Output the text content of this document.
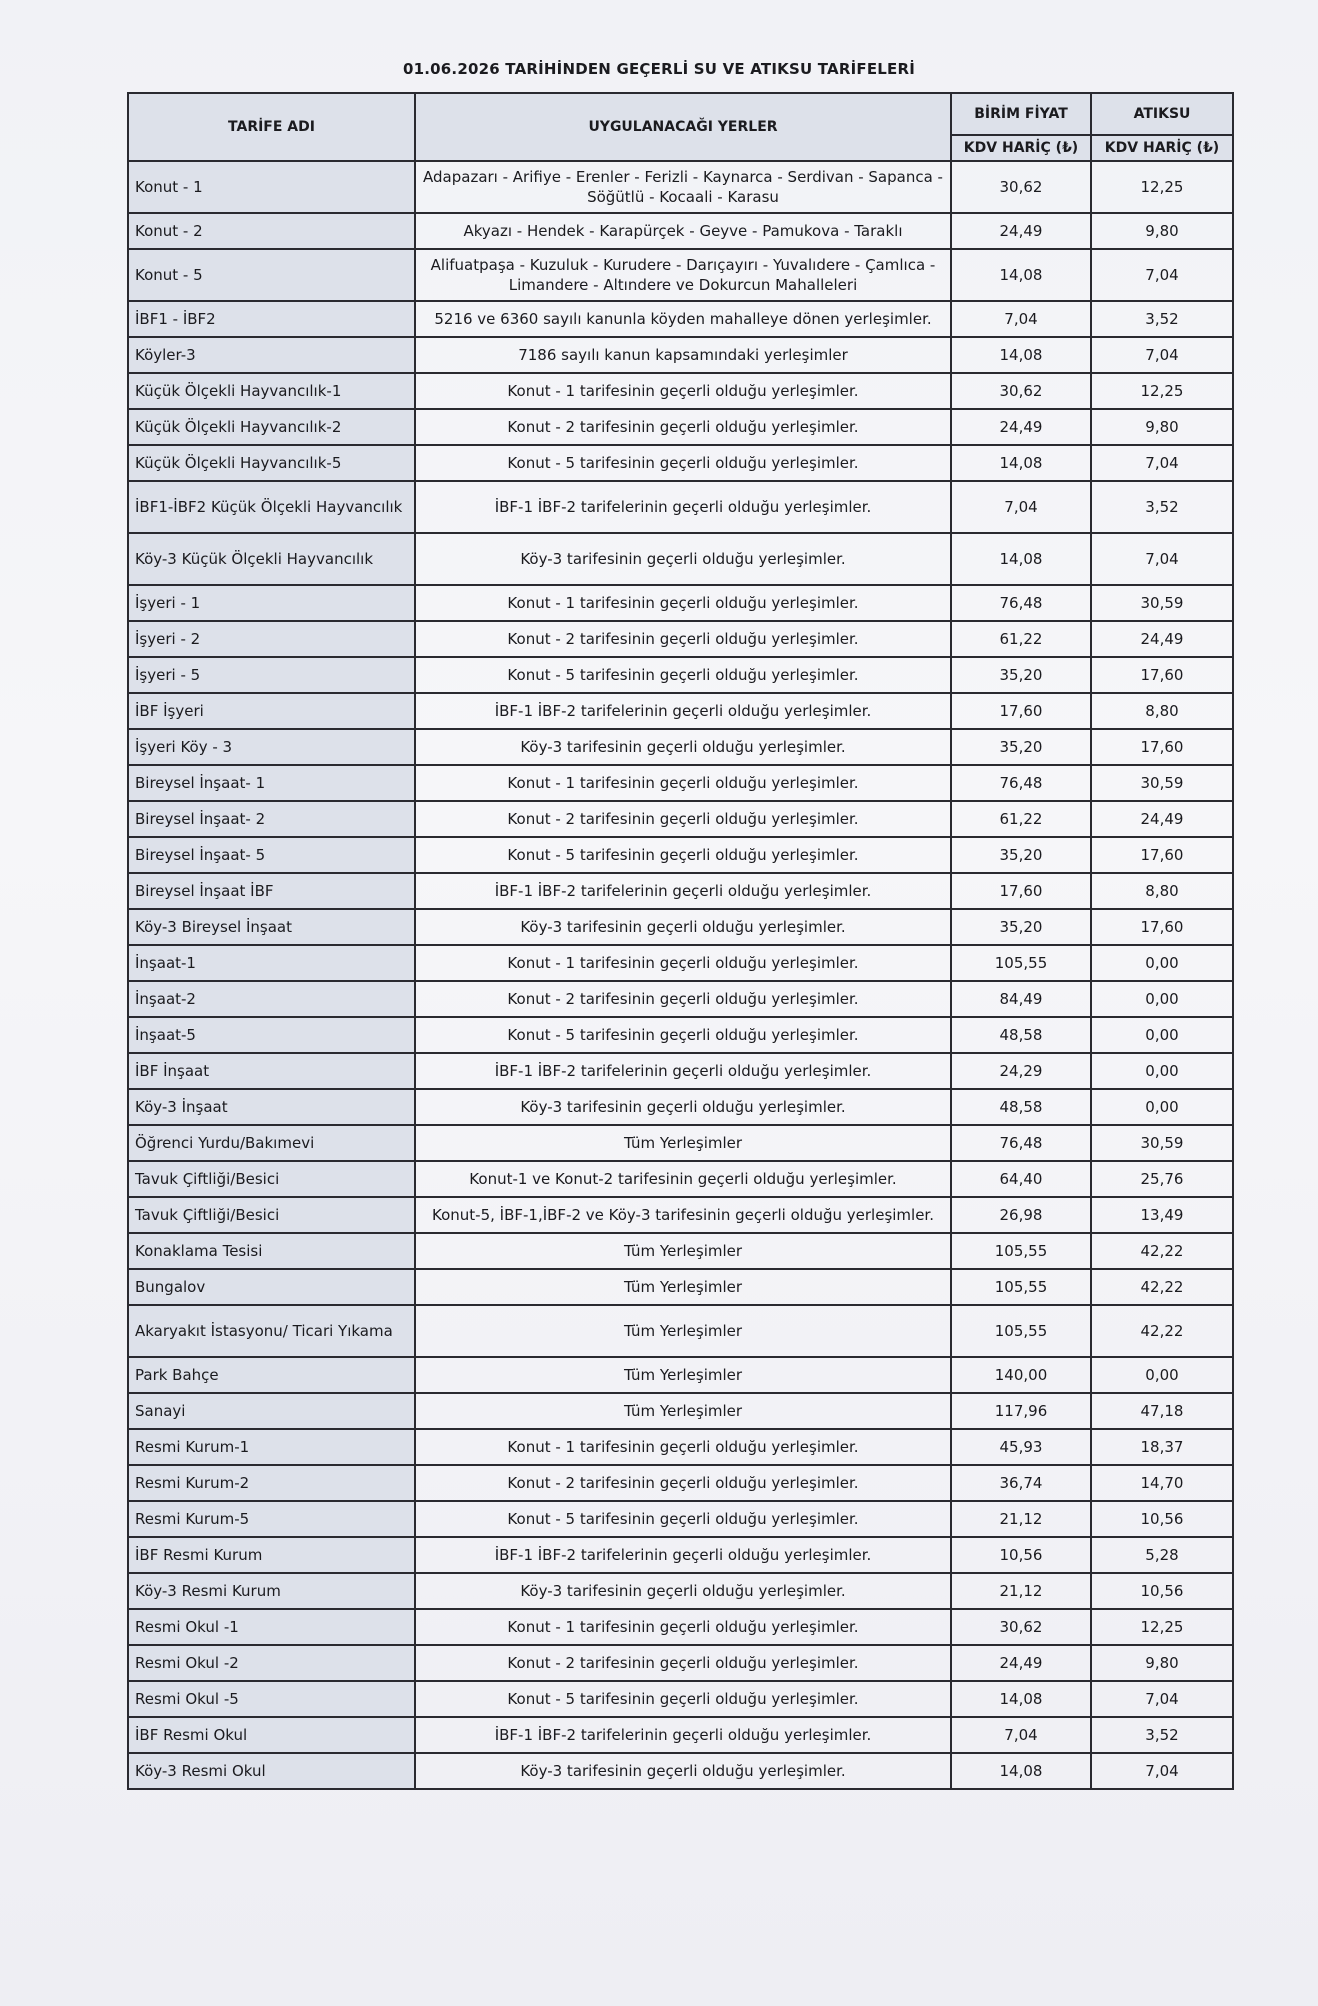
01.06.2026 TARİHİNDEN GEÇERLİ SU VE ATIKSU TARİFELERİ
TARİFE ADI	UYGULANACAĞI YERLER	BİRİM FİYAT	ATIKSU
		KDV HARİÇ (₺)	KDV HARİÇ (₺)
Konut - 1	Adapazarı - Arifiye - Erenler - Ferizli - Kaynarca - Serdivan - Sapanca - Söğütlü - Kocaali - Karasu	30,62	12,25
Konut - 2	Akyazı - Hendek - Karapürçek - Geyve - Pamukova - Taraklı	24,49	9,80
Konut - 5	Alifuatpaşa - Kuzuluk - Kurudere - Darıçayırı - Yuvalıdere - Çamlıca - Limandere - Altındere ve Dokurcun Mahalleleri	14,08	7,04
İBF1 - İBF2	5216 ve 6360 sayılı kanunla köyden mahalleye dönen yerleşimler.	7,04	3,52
Köyler-3	7186 sayılı kanun kapsamındaki yerleşimler	14,08	7,04
Küçük Ölçekli Hayvancılık-1	Konut - 1 tarifesinin geçerli olduğu yerleşimler.	30,62	12,25
Küçük Ölçekli Hayvancılık-2	Konut - 2 tarifesinin geçerli olduğu yerleşimler.	24,49	9,80
Küçük Ölçekli Hayvancılık-5	Konut - 5 tarifesinin geçerli olduğu yerleşimler.	14,08	7,04
İBF1-İBF2 Küçük Ölçekli Hayvancılık	İBF-1 İBF-2 tarifelerinin geçerli olduğu yerleşimler.	7,04	3,52
Köy-3 Küçük Ölçekli Hayvancılık	Köy-3 tarifesinin geçerli olduğu yerleşimler.	14,08	7,04
İşyeri - 1	Konut - 1 tarifesinin geçerli olduğu yerleşimler.	76,48	30,59
İşyeri - 2	Konut - 2 tarifesinin geçerli olduğu yerleşimler.	61,22	24,49
İşyeri - 5	Konut - 5 tarifesinin geçerli olduğu yerleşimler.	35,20	17,60
İBF İşyeri	İBF-1 İBF-2 tarifelerinin geçerli olduğu yerleşimler.	17,60	8,80
İşyeri Köy - 3	Köy-3 tarifesinin geçerli olduğu yerleşimler.	35,20	17,60
Bireysel İnşaat- 1	Konut - 1 tarifesinin geçerli olduğu yerleşimler.	76,48	30,59
Bireysel İnşaat- 2	Konut - 2 tarifesinin geçerli olduğu yerleşimler.	61,22	24,49
Bireysel İnşaat- 5	Konut - 5 tarifesinin geçerli olduğu yerleşimler.	35,20	17,60
Bireysel İnşaat İBF	İBF-1 İBF-2 tarifelerinin geçerli olduğu yerleşimler.	17,60	8,80
Köy-3 Bireysel İnşaat	Köy-3 tarifesinin geçerli olduğu yerleşimler.	35,20	17,60
İnşaat-1	Konut - 1 tarifesinin geçerli olduğu yerleşimler.	105,55	0,00
İnşaat-2	Konut - 2 tarifesinin geçerli olduğu yerleşimler.	84,49	0,00
İnşaat-5	Konut - 5 tarifesinin geçerli olduğu yerleşimler.	48,58	0,00
İBF İnşaat	İBF-1 İBF-2 tarifelerinin geçerli olduğu yerleşimler.	24,29	0,00
Köy-3 İnşaat	Köy-3 tarifesinin geçerli olduğu yerleşimler.	48,58	0,00
Öğrenci Yurdu/Bakımevi	Tüm Yerleşimler	76,48	30,59
Tavuk Çiftliği/Besici	Konut-1 ve Konut-2 tarifesinin geçerli olduğu yerleşimler.	64,40	25,76
Tavuk Çiftliği/Besici	Konut-5, İBF-1,İBF-2 ve Köy-3 tarifesinin geçerli olduğu yerleşimler.	26,98	13,49
Konaklama Tesisi	Tüm Yerleşimler	105,55	42,22
Bungalov	Tüm Yerleşimler	105,55	42,22
Akaryakıt İstasyonu/ Ticari Yıkama	Tüm Yerleşimler	105,55	42,22
Park Bahçe	Tüm Yerleşimler	140,00	0,00
Sanayi	Tüm Yerleşimler	117,96	47,18
Resmi Kurum-1	Konut - 1 tarifesinin geçerli olduğu yerleşimler.	45,93	18,37
Resmi Kurum-2	Konut - 2 tarifesinin geçerli olduğu yerleşimler.	36,74	14,70
Resmi Kurum-5	Konut - 5 tarifesinin geçerli olduğu yerleşimler.	21,12	10,56
İBF Resmi Kurum	İBF-1 İBF-2 tarifelerinin geçerli olduğu yerleşimler.	10,56	5,28
Köy-3 Resmi Kurum	Köy-3 tarifesinin geçerli olduğu yerleşimler.	21,12	10,56
Resmi Okul -1	Konut - 1 tarifesinin geçerli olduğu yerleşimler.	30,62	12,25
Resmi Okul -2	Konut - 2 tarifesinin geçerli olduğu yerleşimler.	24,49	9,80
Resmi Okul -5	Konut - 5 tarifesinin geçerli olduğu yerleşimler.	14,08	7,04
İBF Resmi Okul	İBF-1 İBF-2 tarifelerinin geçerli olduğu yerleşimler.	7,04	3,52
Köy-3 Resmi Okul	Köy-3 tarifesinin geçerli olduğu yerleşimler.	14,08	7,04
